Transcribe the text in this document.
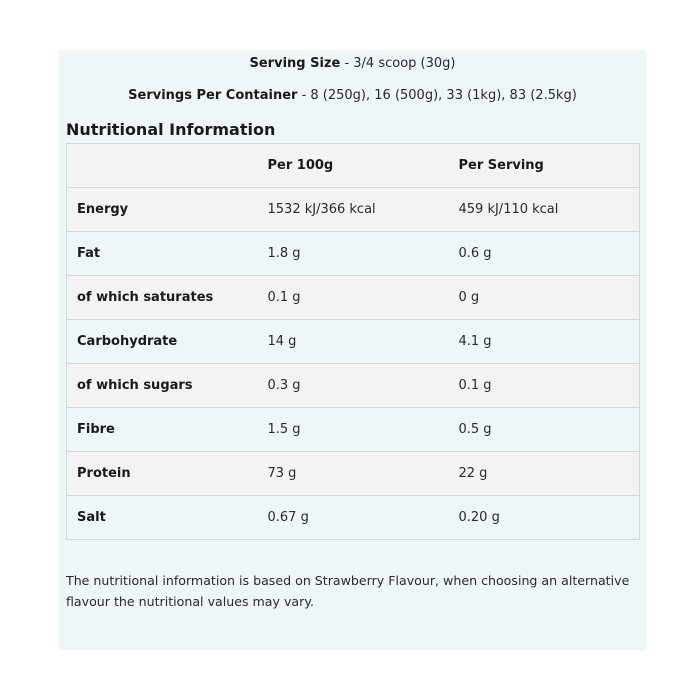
Serving Size - 3/4 scoop (30g)
Servings Per Container - 8 (250g), 16 (500g), 33 (1kg), 83 (2.5kg)
Nutritional Information
	Per 100g	Per Serving
Energy	1532 kJ/366 kcal	459 kJ/110 kcal
Fat	1.8 g	0.6 g
of which saturates	0.1 g	0 g
Carbohydrate	14 g	4.1 g
of which sugars	0.3 g	0.1 g
Fibre	1.5 g	0.5 g
Protein	73 g	22 g
Salt	0.67 g	0.20 g
The nutritional information is based on Strawberry Flavour, when choosing an alternative flavour the nutritional values may vary.
